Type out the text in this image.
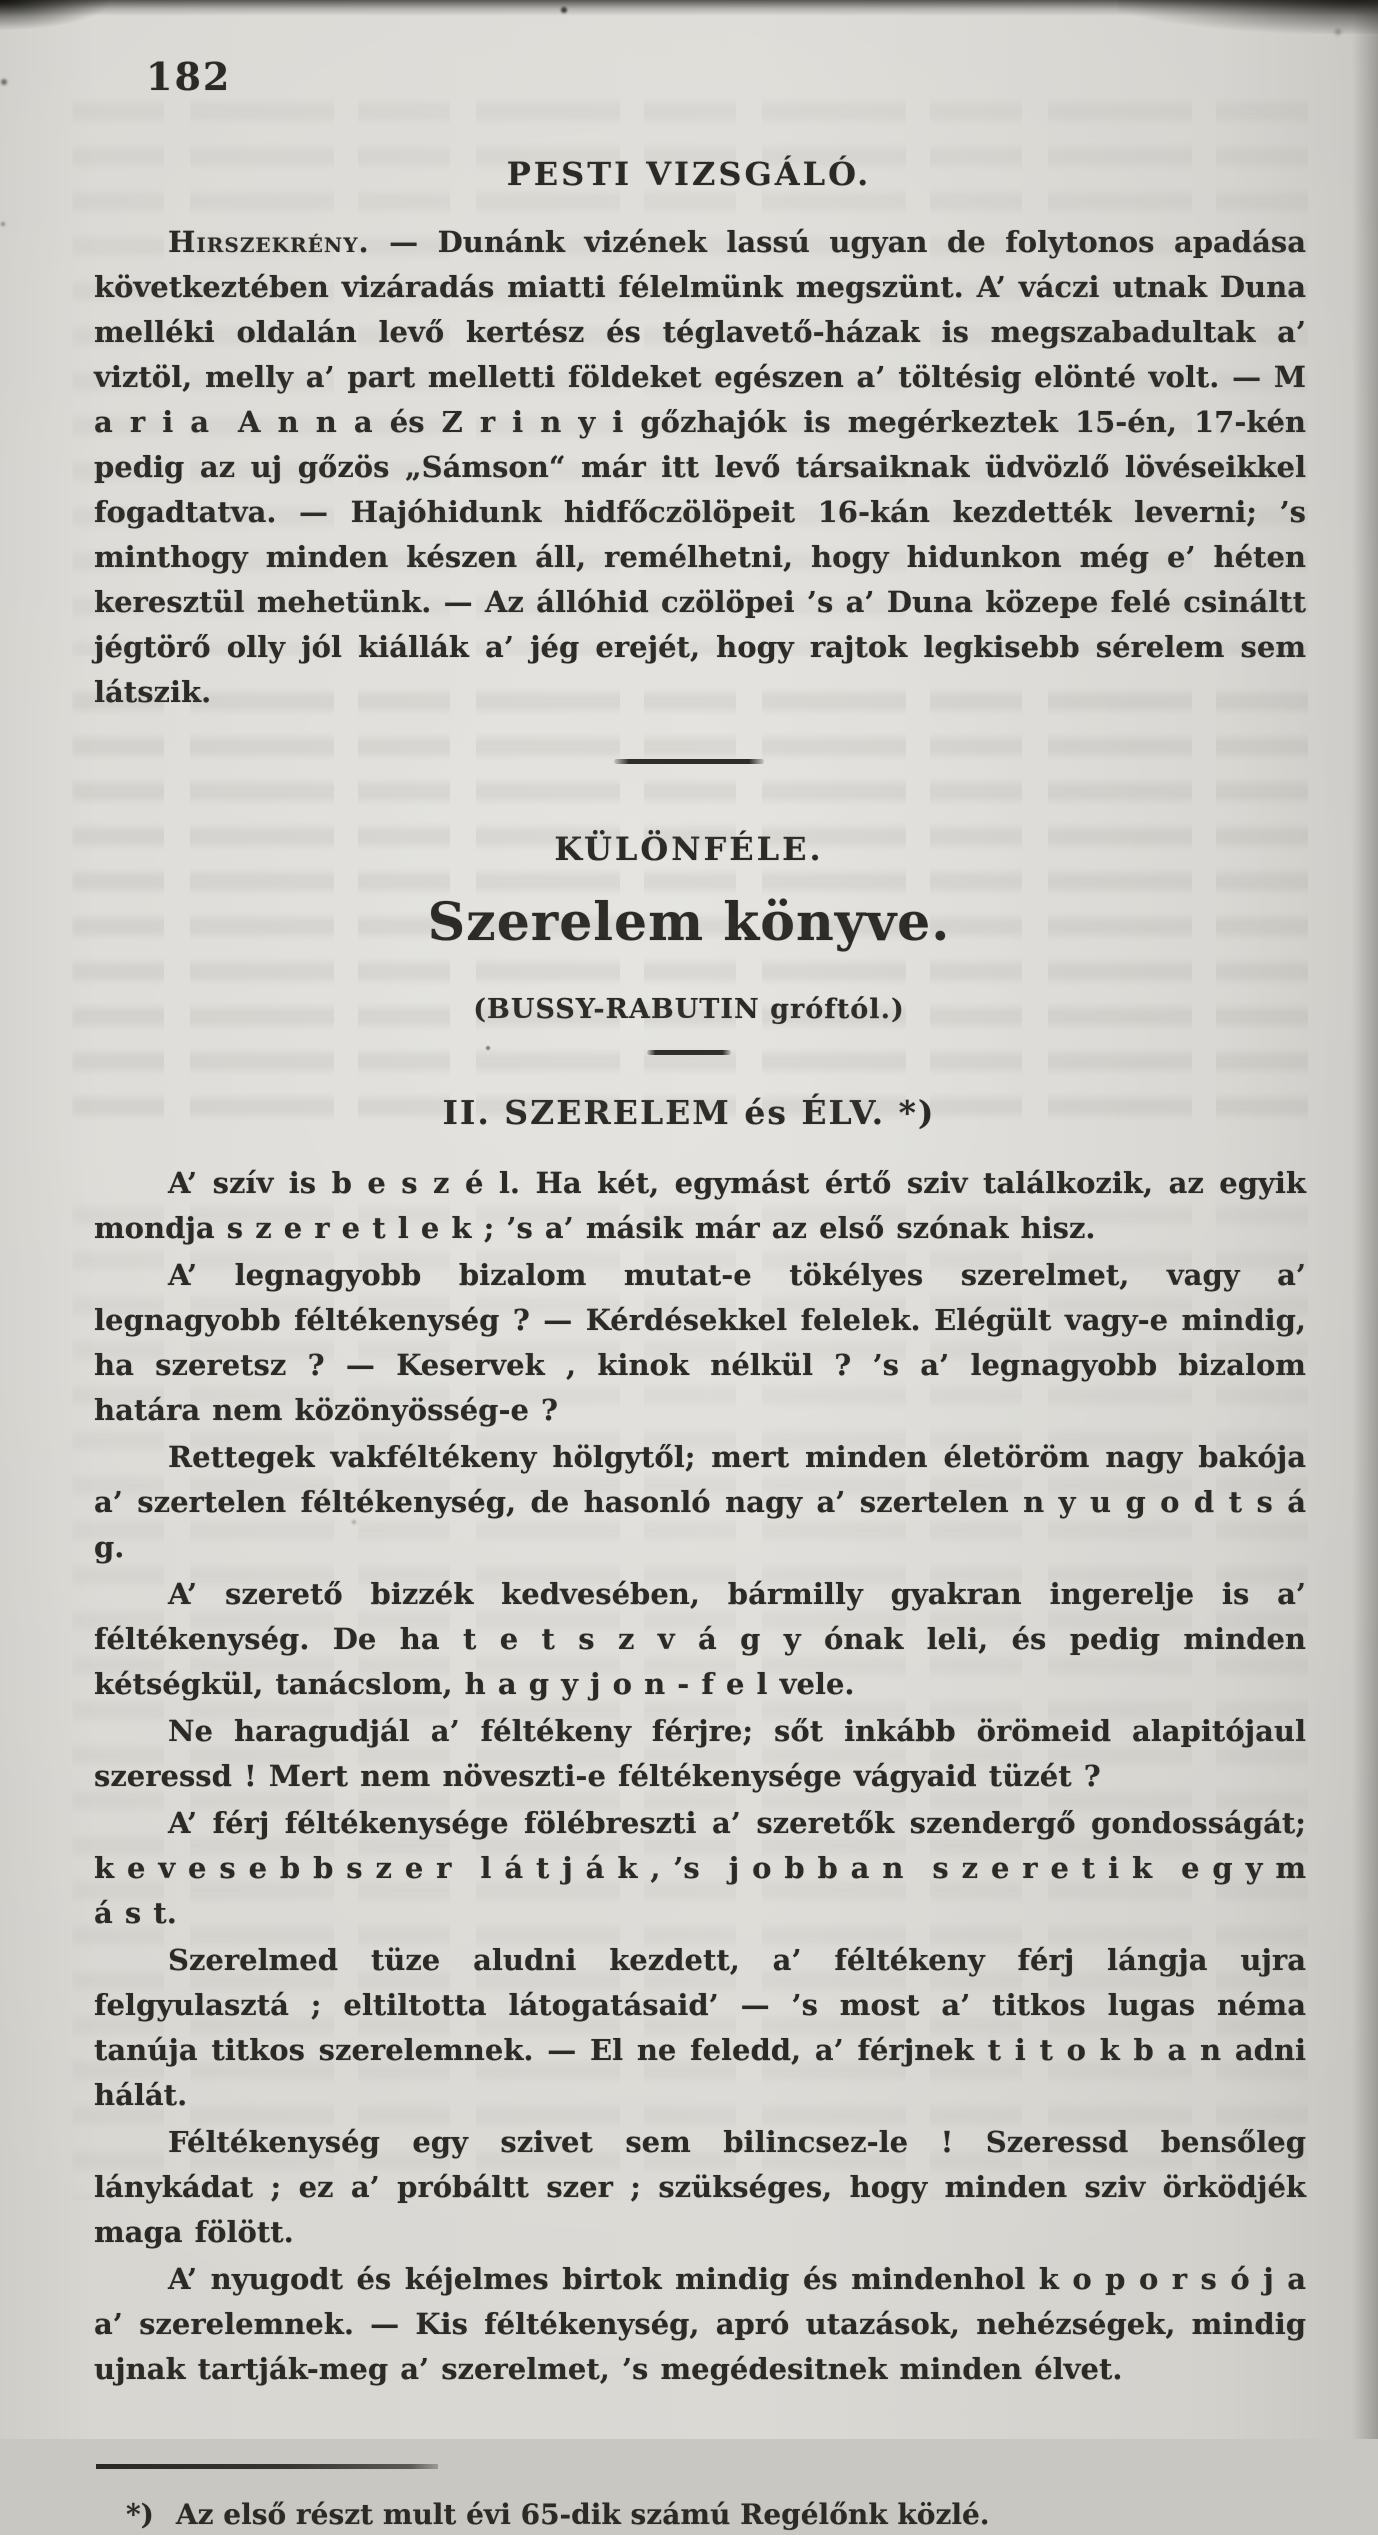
182
PESTI VIZSGÁLÓ.

Hirszekrény. — Dunánk vizének lassú ugyan de folytonos apadása következtében vizáradás miatti félelmünk megszünt. A’ váczi utnak Duna melléki oldalán levő kertész és téglavető-házak is megszabadultak a’ viztöl, melly a’ part melletti földeket egészen a’ töltésig elönté volt. — M a r i a A n n a és Z r i n y i gőzhajók is megérkeztek 15-én, 17-kén pedig az uj gőzös „Sámson“ már itt levő társaiknak üdvözlő lövéseikkel fogadtatva. — Hajóhidunk hidfőczölöpeit 16-kán kezdették leverni; ’s minthogy minden készen áll, remélhetni, hogy hidunkon még e’ héten keresztül mehetünk. — Az állóhid czölöpei ’s a’ Duna közepe felé csináltt jégtörő olly jól kiállák a’ jég erejét, hogy rajtok legkisebb sérelem sem látszik.

KÜLÖNFÉLE.
Szerelem könyve.
(BUSSY-RABUTIN gróftól.)
II. SZERELEM és ÉLV. *)

A’ szív is b e s z é l. Ha két, egymást értő sziv találkozik, az egyik mondja s z e r e t l e k ; ’s a’ másik már az első szónak hisz.

A’ legnagyobb bizalom mutat-e tökélyes szerelmet, vagy a’ legnagyobb féltékenység ? — Kérdésekkel felelek. Elégült vagy-e mindig, ha szeretsz ? — Keservek , kinok nélkül ? ’s a’ legnagyobb bizalom határa nem közönyösség-e ?

Rettegek vakféltékeny hölgytől; mert minden életöröm nagy bakója a’ szertelen féltékenység, de hasonló nagy a’ szertelen n y u g o d t s á g.

A’ szerető bizzék kedvesében, bármilly gyakran ingerelje is a’ féltékenység. De ha t e t s z v á g y ónak leli, és pedig minden kétségkül, tanácslom, h a g y j o n - f e l vele.

Ne haragudjál a’ féltékeny férjre; sőt inkább örömeid alapitójaul szeressd ! Mert nem növeszti-e féltékenysége vágyaid tüzét ?

A’ férj féltékenysége fölébreszti a’ szeretők szendergő gondosságát; k e v e s e b b s z e r l á t j á k , ’s j o b b a n s z e r e t i k e g y m á s t.

Szerelmed tüze aludni kezdett, a’ féltékeny férj lángja ujra felgyulasztá ; eltiltotta látogatásaid’ — ’s most a’ titkos lugas néma tanúja titkos szerelemnek. — El ne feledd, a’ férjnek t i t o k b a n adni hálát.

Féltékenység egy szivet sem bilincsez-le ! Szeressd bensőleg lánykádat ; ez a’ próbáltt szer ; szükséges, hogy minden sziv örködjék maga fölött.

A’ nyugodt és kéjelmes birtok mindig és mindenhol k o p o r s ó j a a’ szerelemnek. — Kis féltékenység, apró utazások, nehézségek, mindig ujnak tartják-meg a’ szerelmet, ’s megédesitnek minden élvet.

*) Az első részt mult évi 65-dik számú Regélőnk közlé.
